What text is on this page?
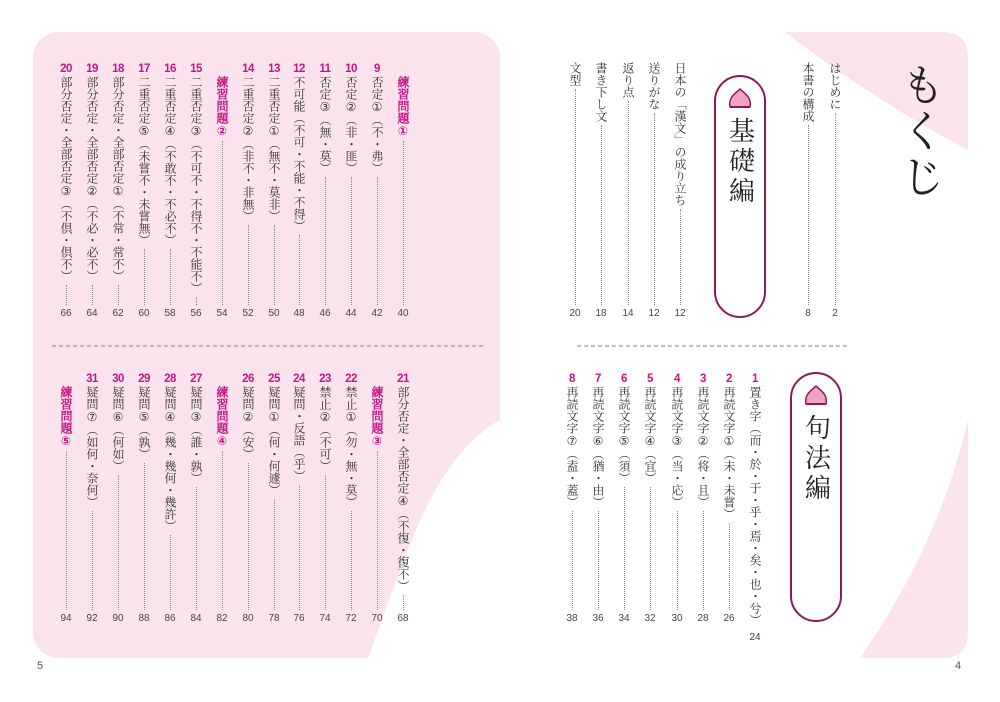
もくじ
基礎編
句法編
はじめに
2
本書の構成
8
日本の「漢文」の成り立ち
12
送りがな
12
返り点
14
書き下し文
18
文型
20
1
置き字（而・於・于・乎・焉・矣・也・兮）
24
2
再読文字①（未・未嘗）
26
3
再読文字②（将・且）
28
4
再読文字③（当・応）
30
5
再読文字④（宜）
32
6
再読文字⑤（須）
34
7
再読文字⑥（猶・由）
36
8
再読文字⑦（盍・蓋）
38
練習問題①
40
9
否定①（不・弗）
42
10
否定②（非・匪）
44
11
否定③（無・莫）
46
12
不可能（不可・不能・不得）
48
13
二重否定①（無不・莫非）
50
14
二重否定②（非不・非無）
52
練習問題②
54
15
二重否定③（不可不・不得不・不能不）
56
16
二重否定④（不敢不・不必不）
58
17
二重否定⑤（未嘗不・未嘗無）
60
18
部分否定・全部否定①（不常・常不）
62
19
部分否定・全部否定②（不必・必不）
64
20
部分否定・全部否定③（不倶・倶不）
66
21
部分否定・全部否定④（不復・復不）
68
練習問題③
70
22
禁止①（勿・無・莫）
72
23
禁止②（不可）
74
24
疑問・反語（乎）
76
25
疑問①（何・何遽）
78
26
疑問②（安）
80
練習問題④
82
27
疑問③（誰・孰）
84
28
疑問④（幾・幾何・幾許）
86
29
疑問⑤（孰）
88
30
疑問⑥（何如）
90
31
疑問⑦（如何・奈何）
92
練習問題⑤
94
5	4
